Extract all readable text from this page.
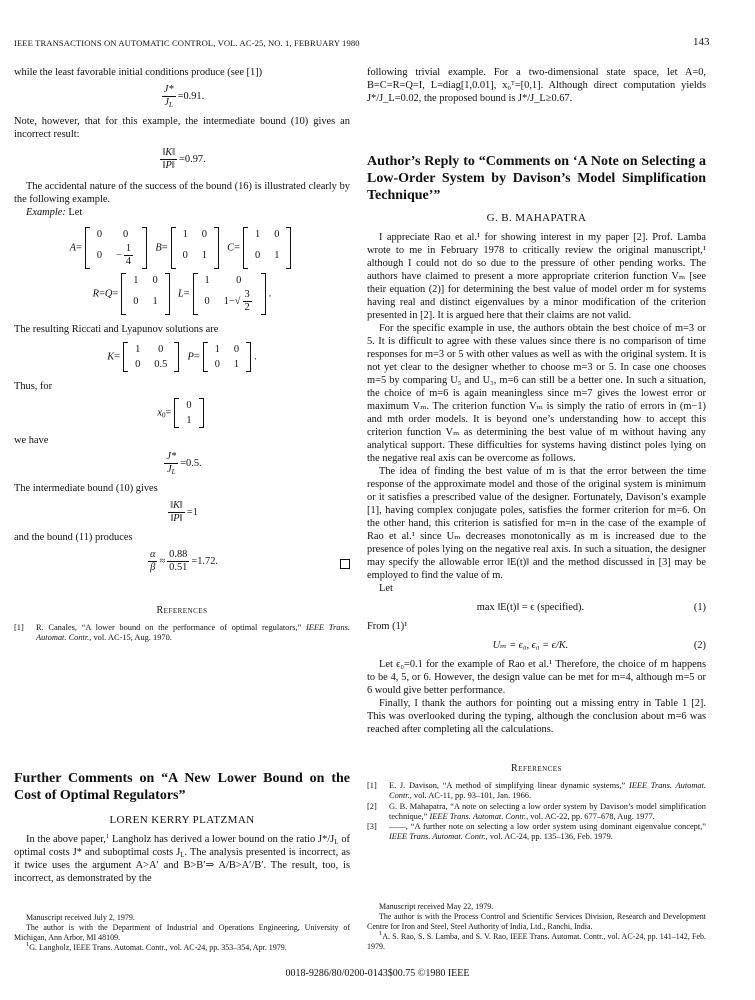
IEEE TRANSACTIONS ON AUTOMATIC CONTROL, VOL. AC-25, NO. 1, FEBRUARY 1980	143

while the least favorable initial conditions produce (see [1])

$\frac{J*}{J_L} =0.91$.

Note, however, that for this example, the intermediate bound (10) gives an incorrect result:

$\frac{‖K‖}{‖P‖} =0.97$.

The accidental nature of the success of the bound (16) is illustrated clearly by the following example.

Example: Let

A=
0	0
0	− $\frac{1}{4} B=$
1	0
0	1
C=
1	0
0	1
R=Q=
1	0
0	1
L=
1	0
0	$1-√ \frac{3}{2}$ .

The resulting Riccati and Lyapunov solutions are

K=
1	0
0	0.5
P=
1	0
0	1
.

Thus, for

$x_0=$
0
1

we have

$\frac{J*}{J_L} =0.5$.

The intermediate bound (10) gives

$\frac{‖K‖}{‖P‖} =1$

and the bound (11) produces

$\frac{\alpha}{\beta} \approx \frac{0.88}{0.51} =1.72$.
References
[1]	R. Canales, “A lower bound on the performance of optimal regulators,” IEEE Trans. Automat. Contr., vol. AC-15, Aug. 1970.
Further Comments on “A New Lower Bound on the Cost of Optimal Regulators”
LOREN KERRY PLATZMAN

In the above paper,$^1$ Langholz has derived a lower bound on the ratio $J*/J_L$ of optimal costs J* and suboptimal costs $J_L$. The analysis presented is incorrect, as it twice uses the argument A>A′ and B>B′⇒ A/B>A′/B′. The result, too, is incorrect, as demonstrated by the

Manuscript received July 2, 1979.

The author is with the Department of Industrial and Operations Engineering, University of Michigan, Ann Arbor, MI 48109.

$^1$G. Langholz, IEEE Trans. Automat. Contr., vol. AC-24, pp. 353–354, Apr. 1979.

following trivial example. For a two-dimensional state space, let A=0, B=C=R=Q=I, L=diag[1,0.01], x₀ᵀ=[0,1]. Although direct computation yields J*/J_L=0.02, the proposed bound is J*/J_L≥0.67.

Author’s Reply to “Comments on ‘A Note on Selecting a Low-Order System by Davison’s Model Simplification Technique’”
G. B. MAHAPATRA

I appreciate Rao et al.¹ for showing interest in my paper [2]. Prof. Lamba wrote to me in February 1978 to critically review the original manuscript,¹ although I could not do so due to the pressure of other pending works. The authors have claimed to present a more appropriate criterion function Vₘ [see their equation (2)] for determining the best value of model order m for systems having real and distinct eigenvalues by a minor modification of the criterion presented in [2]. It is argued here that their claims are not valid.

For the specific example in use, the authors obtain the best choice of m=3 or 5. It is difficult to agree with these values since there is no comparison of time responses for m=3 or 5 with other values as well as with the original system. It is not yet clear to the designer whether to choose m=3 or 5. In case one chooses m=5 by comparing U₅ and U₃, m=6 can still be a better one. In such a situation, the choice of m=6 is again meaningless since m=7 gives the lowest error or maximum Vₘ. The criterion function Vₘ is simply the ratio of errors in (m−1) and mth order models. It is beyond one’s understanding how to accept this criterion function Vₘ as determining the best value of m without having any analytical support. These difficulties for systems having distinct poles lying on the negative real axis can be overcome as follows.

The idea of finding the best value of m is that the error between the time response of the approximate model and those of the original system is minimum or it satisfies a prescribed value of the designer. Fortunately, Davison’s example [1], having complex conjugate poles, satisfies the former criterion for m=6. On the other hand, this criterion is satisfied for m=n in the case of the example of Rao et al.¹ since Uₘ decreases monotonically as m is increased due to the presence of poles lying on the negative real axis. In such a situation, the designer may specify the allowable error ‖E(t)‖ and the method discussed in [3] may be employed to find the value of m.

Let

max ‖E(t)‖ = ϵ (specified).	(1)

From (1)¹

Uₘ = ϵ₀, ϵ₀ = ϵ/K.	(2)

Let ϵ₀=0.1 for the example of Rao et al.¹ Therefore, the choice of m happens to be 4, 5, or 6. However, the design value can be met for m=4, although m=5 or 6 would give better performance.

Finally, I thank the authors for pointing out a missing entry in Table 1 [2]. This was overlooked during the typing, although the conclusion about m=6 was reached after completing all the calculations.

References
[1]	E. J. Davison, “A method of simplifying linear dynamic systems,” IEEE Trans. Automat. Contr., vol. AC-11, pp. 93–101, Jan. 1966.
[2]	G. B. Mahapatra, “A note on selecting a low order system by Davison’s model simplification technique,” IEEE Trans. Automat. Contr., vol. AC-22, pp. 677–678, Aug. 1977.
[3]	——, “A further note on selecting a low order system using dominant eigenvalue concept,” IEEE Trans. Automat. Contr., vol. AC-24, pp. 135–136, Feb. 1979.

Manuscript received May 22, 1979.

The author is with the Process Control and Scientific Services Division, Research and Development Centre for Iron and Steel, Steel Authority of India, Ltd., Ranchi, India.

$^1$A. S. Rao, S. S. Lamba, and S. V. Rao, IEEE Trans. Automat. Contr., vol. AC-24, pp. 141–142, Feb. 1979.

0018-9286/80/0200-0143$00.75 ©1980 IEEE
